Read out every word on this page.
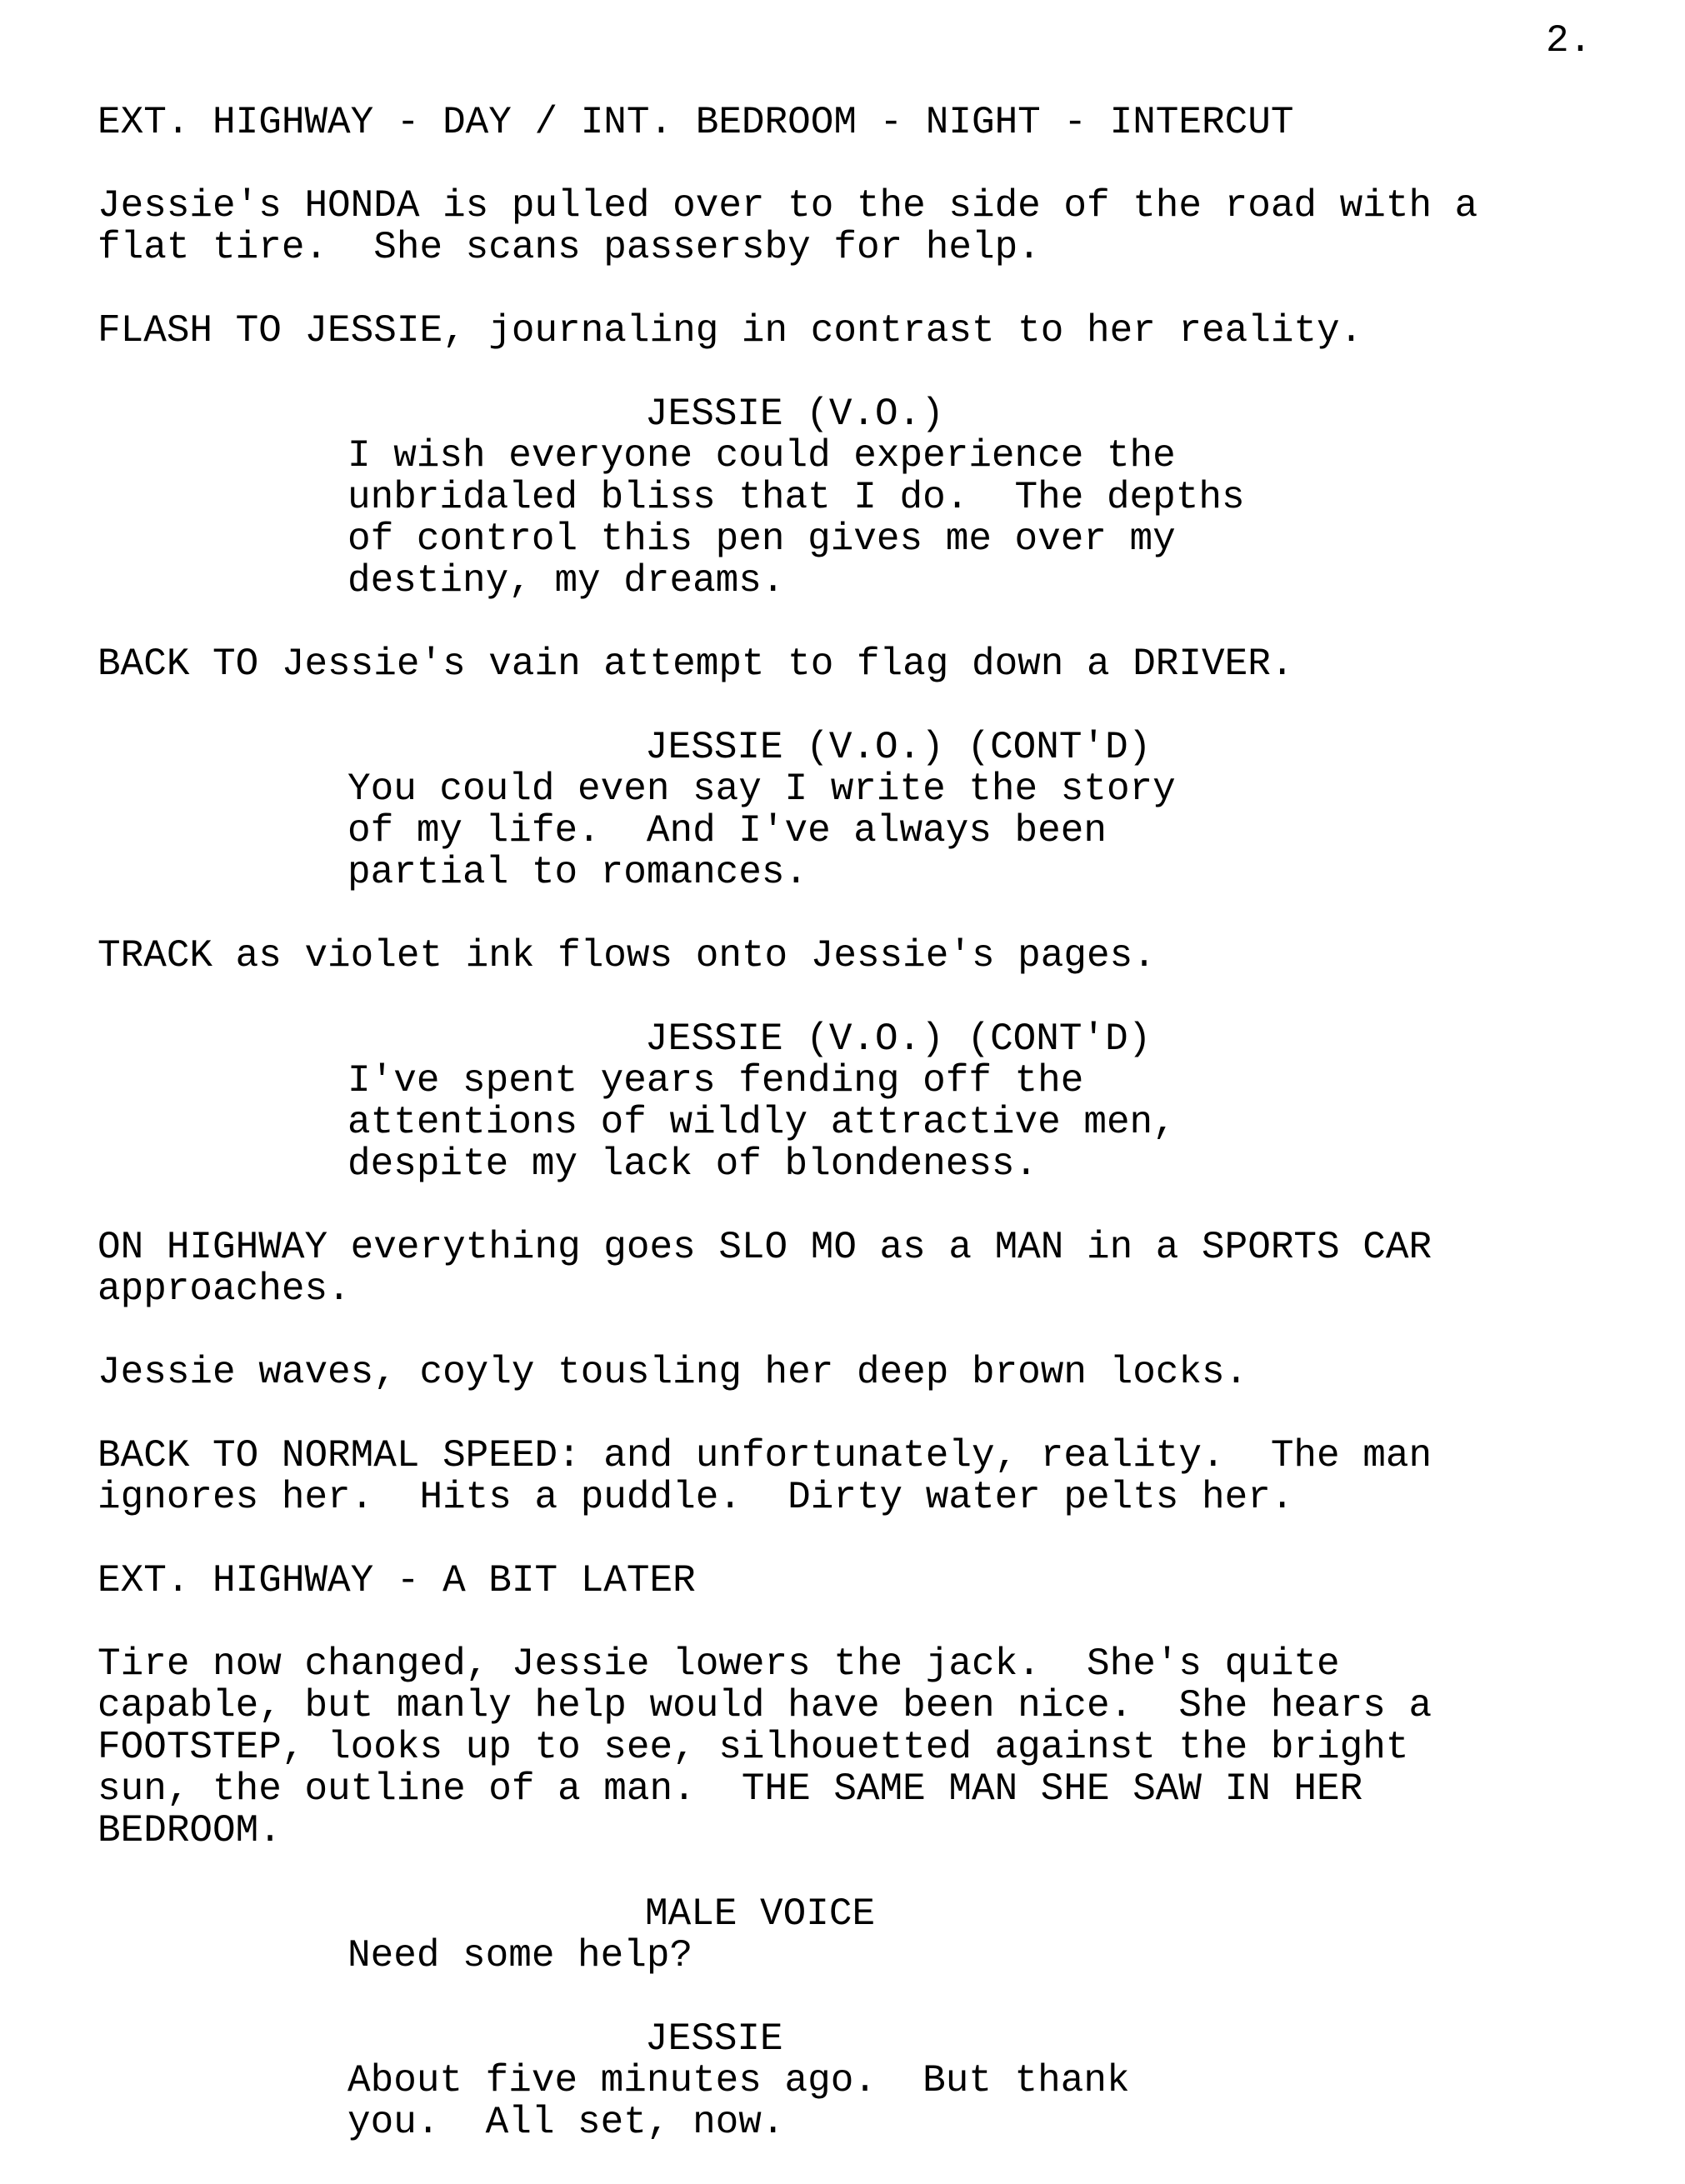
2.

EXT. HIGHWAY - DAY / INT. BEDROOM - NIGHT - INTERCUT

Jessie's HONDA is pulled over to the side of the road with a
flat tire.  She scans passersby for help.

FLASH TO JESSIE, journaling in contrast to her reality.

JESSIE (V.O.)

I wish everyone could experience the
unbridaled bliss that I do.  The depths
of control this pen gives me over my
destiny, my dreams.

BACK TO Jessie's vain attempt to flag down a DRIVER.

JESSIE (V.O.) (CONT'D)

You could even say I write the story
of my life.  And I've always been
partial to romances.

TRACK as violet ink flows onto Jessie's pages.

JESSIE (V.O.) (CONT'D)

I've spent years fending off the
attentions of wildly attractive men,
despite my lack of blondeness.

ON HIGHWAY everything goes SLO MO as a MAN in a SPORTS CAR
approaches.

Jessie waves, coyly tousling her deep brown locks.

BACK TO NORMAL SPEED: and unfortunately, reality.  The man
ignores her.  Hits a puddle.  Dirty water pelts her.

EXT. HIGHWAY - A BIT LATER

Tire now changed, Jessie lowers the jack.  She's quite
capable, but manly help would have been nice.  She hears a
FOOTSTEP, looks up to see, silhouetted against the bright
sun, the outline of a man.  THE SAME MAN SHE SAW IN HER
BEDROOM.

MALE VOICE

Need some help?

JESSIE

About five minutes ago.  But thank
you.  All set, now.
